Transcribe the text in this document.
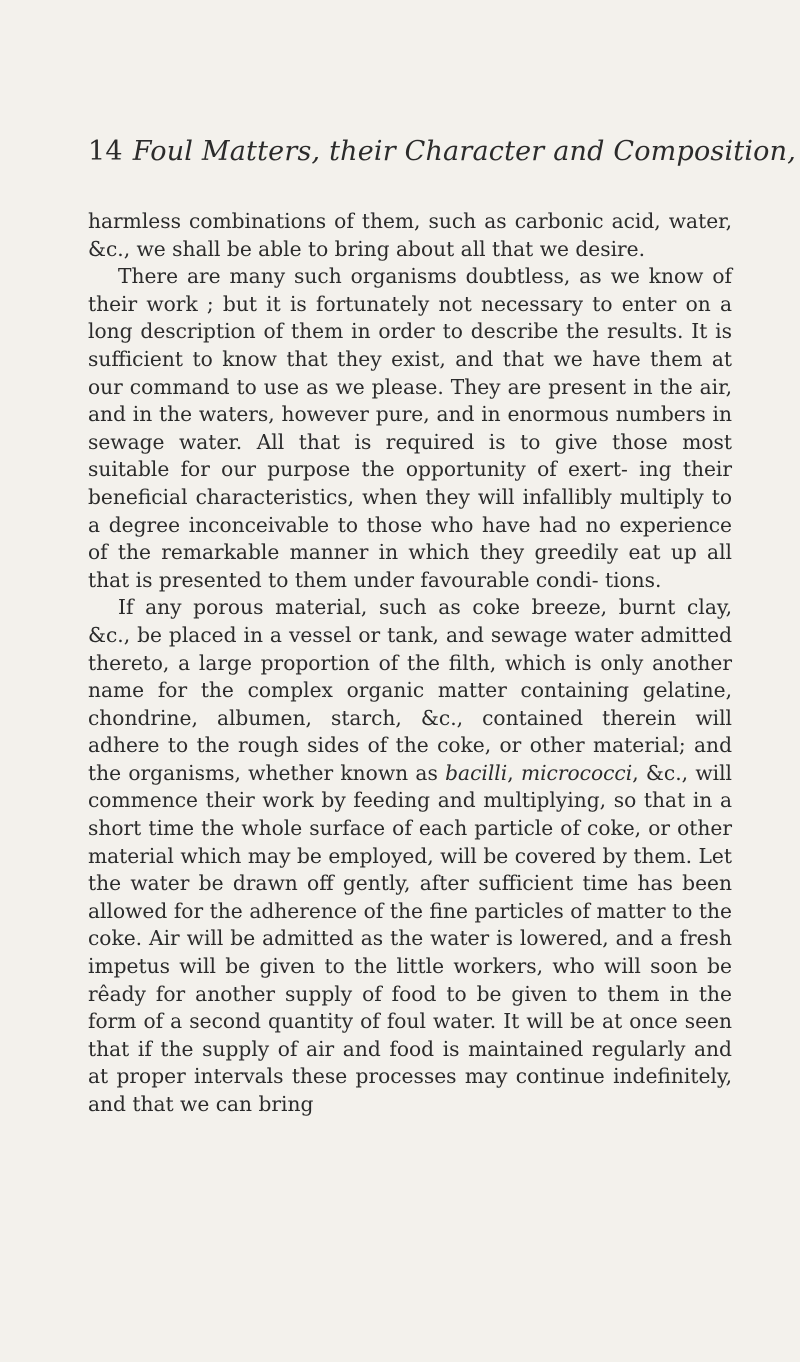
14 Foul Matters, their Character and Composition,

harmless combinations of them, such as carbonic acid, water, &c., we shall be able to bring about all that we desire.

There are many such organisms doubtless, as we know of their work ; but it is fortunately not necessary to enter on a long description of them in order to describe the results. It is sufficient to know that they exist, and that we have them at our command to use as we please. They are present in the air, and in the waters, however pure, and in enormous numbers in sewage water. All that is required is to give those most suitable for our purpose the opportunity of exert- ing their beneficial characteristics, when they will infallibly multiply to a degree inconceivable to those who have had no experience of the remarkable manner in which they greedily eat up all that is presented to them under favourable condi- tions.

If any porous material, such as coke breeze, burnt clay, &c., be placed in a vessel or tank, and sewage water admitted thereto, a large proportion of the filth, which is only another name for the complex organic matter containing gelatine, chondrine, albumen, starch, &c., contained therein will adhere to the rough sides of the coke, or other material; and the organisms, whether known as bacilli, micrococci, &c., will commence their work by feeding and multiplying, so that in a short time the whole surface of each particle of coke, or other material which may be employed, will be covered by them. Let the water be drawn off gently, after sufficient time has been allowed for the adherence of the fine particles of matter to the coke. Air will be admitted as the water is lowered, and a fresh impetus will be given to the little workers, who will soon be rêady for another supply of food to be given to them in the form of a second quantity of foul water. It will be at once seen that if the supply of air and food is maintained regularly and at proper intervals these processes may continue indefinitely, and that we can bring
